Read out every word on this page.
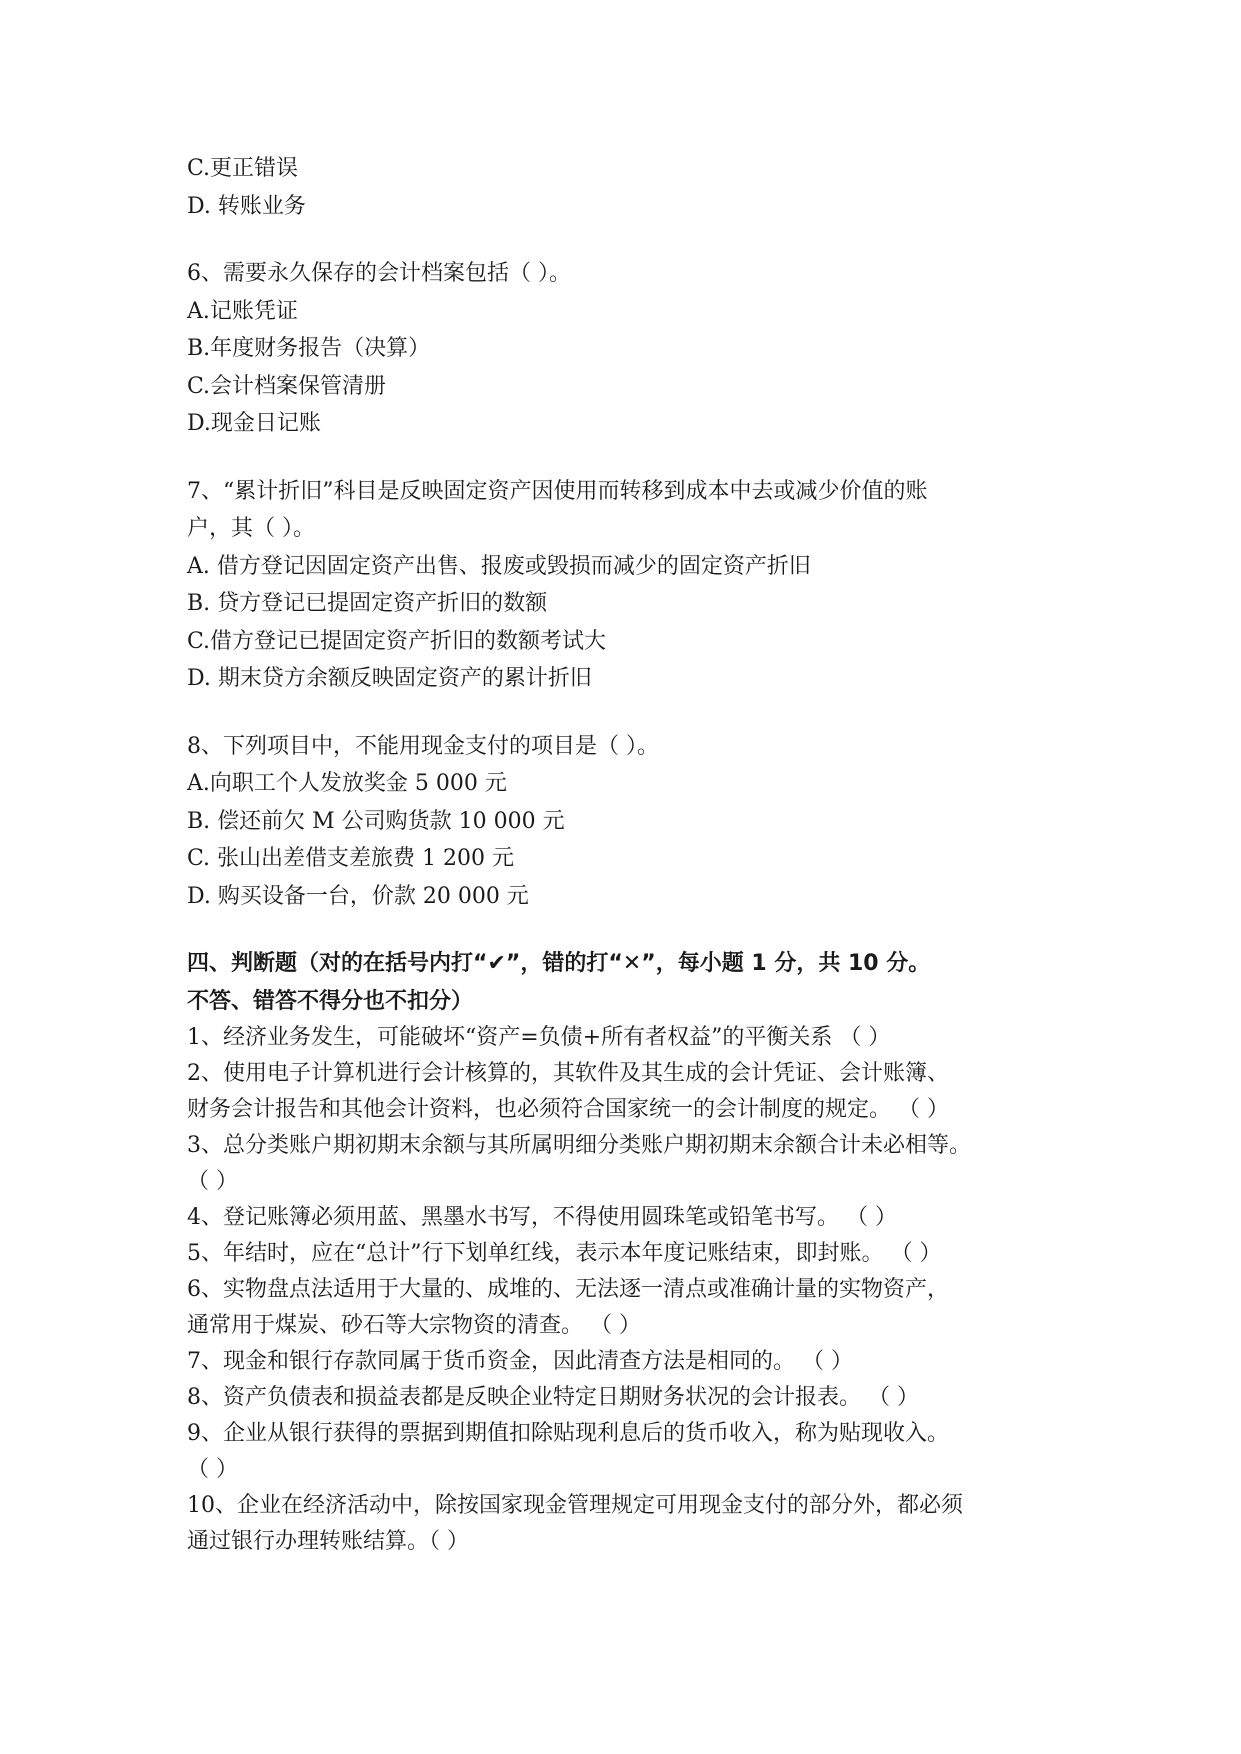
C.更正错误
D. 转账业务
6、需要永久保存的会计档案包括（ ）。
A.记账凭证
B.年度财务报告（决算）
C.会计档案保管清册
D.现金日记账
7、“累计折旧”科目是反映固定资产因使用而转移到成本中去或减少价值的账
户，其（ ）。
A. 借方登记因固定资产出售、报废或毁损而减少的固定资产折旧
B. 贷方登记已提固定资产折旧的数额
C.借方登记已提固定资产折旧的数额考试大
D. 期末贷方余额反映固定资产的累计折旧
8、下列项目中，不能用现金支付的项目是（ ）。
A.向职工个人发放奖金 5 000 元
B. 偿还前欠 M 公司购货款 10 000 元
C. 张山出差借支差旅费 1 200 元
D. 购买设备一台，价款 20 000 元
四、判断题（对的在括号内打“✔”，错的打“✕”，每小题 1 分，共 10 分。
不答、错答不得分也不扣分）
1、经济业务发生，可能破坏“资产=负债+所有者权益”的平衡关系 （ ）
2、使用电子计算机进行会计核算的，其软件及其生成的会计凭证、会计账簿、
财务会计报告和其他会计资料，也必须符合国家统一的会计制度的规定。 （ ）
3、总分类账户期初期末余额与其所属明细分类账户期初期末余额合计未必相等。
（ ）
4、登记账簿必须用蓝、黑墨水书写，不得使用圆珠笔或铅笔书写。 （ ）
5、年结时，应在“总计”行下划单红线，表示本年度记账结束，即封账。 （ ）
6、实物盘点法适用于大量的、成堆的、无法逐一清点或准确计量的实物资产，
通常用于煤炭、砂石等大宗物资的清查。 （ ）
7、现金和银行存款同属于货币资金，因此清查方法是相同的。 （ ）
8、资产负债表和损益表都是反映企业特定日期财务状况的会计报表。 （ ）
9、企业从银行获得的票据到期值扣除贴现利息后的货币收入，称为贴现收入。
（ ）
10、企业在经济活动中，除按国家现金管理规定可用现金支付的部分外，都必须
通过银行办理转账结算。（ ）
